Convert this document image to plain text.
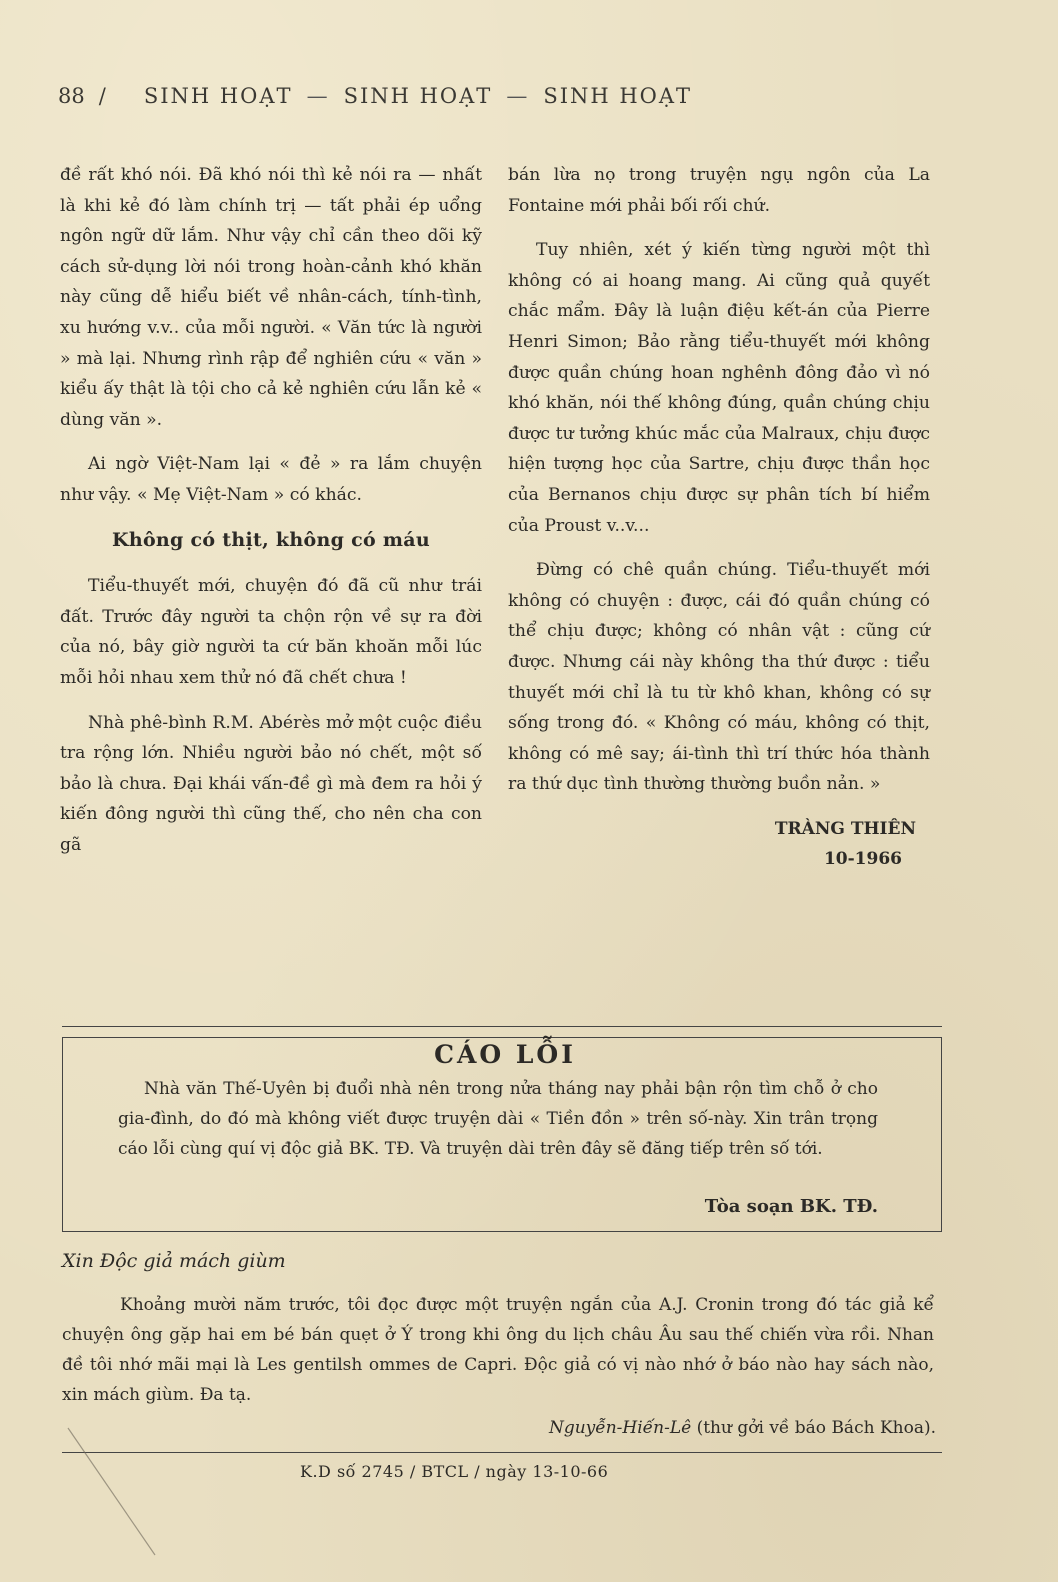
88 / SINH HOẠT — SINH HOẠT — SINH HOẠT

đề rất khó nói. Đã khó nói thì kẻ nói ra — nhất là khi kẻ đó làm chính trị — tất phải ép uổng ngôn ngữ dữ lắm. Như vậy chỉ cần theo dõi kỹ cách sử-dụng lời nói trong hoàn-cảnh khó khăn này cũng dễ hiểu biết về nhân-cách, tính-tình, xu hướng v.v.. của mỗi người. « Văn tức là người » mà lại. Nhưng rình rập để nghiên cứu « văn » kiểu ấy thật là tội cho cả kẻ nghiên cứu lẫn kẻ « dùng văn ».

Ai ngờ Việt-Nam lại « đẻ » ra lắm chuyện như vậy. « Mẹ Việt-Nam » có khác.

Không có thịt, không có máu

Tiểu-thuyết mới, chuyện đó đã cũ như trái đất. Trước đây người ta chộn rộn về sự ra đời của nó, bây giờ người ta cứ băn khoăn mỗi lúc mỗi hỏi nhau xem thử nó đã chết chưa !

Nhà phê-bình R.M. Abérès mở một cuộc điều tra rộng lớn. Nhiều người bảo nó chết, một số bảo là chưa. Đại khái vấn-đề gì mà đem ra hỏi ý kiến đông người thì cũng thế, cho nên cha con gã

bán lừa nọ trong truyện ngụ ngôn của La Fontaine mới phải bối rối chứ.

Tuy nhiên, xét ý kiến từng người một thì không có ai hoang mang. Ai cũng quả quyết chắc mẩm. Đây là luận điệu kết-án của Pierre Henri Simon; Bảo rằng tiểu-thuyết mới không được quần chúng hoan nghênh đông đảo vì nó khó khăn, nói thế không đúng, quần chúng chịu được tư tưởng khúc mắc của Malraux, chịu được hiện tượng học của Sartre, chịu được thần học của Bernanos chịu được sự phân tích bí hiểm của Proust v..v...

Đừng có chê quần chúng. Tiểu-thuyết mới không có chuyện : được, cái đó quần chúng có thể chịu được; không có nhân vật : cũng cứ được. Nhưng cái này không tha thứ được : tiểu thuyết mới chỉ là tu từ khô khan, không có sự sống trong đó. « Không có máu, không có thịt, không có mê say; ái-tình thì trí thức hóa thành ra thứ dục tình thường thường buồn nản. »

TRÀNG THIÊN
10-1966
CÁO LỖI

Nhà văn Thế-Uyên bị đuổi nhà nên trong nửa tháng nay phải bận rộn tìm chỗ ở cho gia-đình, do đó mà không viết được truyện dài « Tiền đồn » trên số-này. Xin trân trọng cáo lỗi cùng quí vị độc giả BK. TĐ. Và truyện dài trên đây sẽ đăng tiếp trên số tới.

Tòa soạn BK. TĐ.
Xin Độc giả mách giùm

Khoảng mười năm trước, tôi đọc được một truyện ngắn của A.J. Cronin trong đó tác giả kể chuyện ông gặp hai em bé bán quẹt ở Ý trong khi ông du lịch châu Âu sau thế chiến vừa rồi. Nhan đề tôi nhớ mãi mại là Les gentilsh ommes de Capri. Độc giả có vị nào nhớ ở báo nào hay sách nào, xin mách giùm. Đa tạ.

Nguyễn-Hiến-Lê (thư gởi về báo Bách Khoa).
K.D số 2745 / BTCL / ngày 13-10-66
